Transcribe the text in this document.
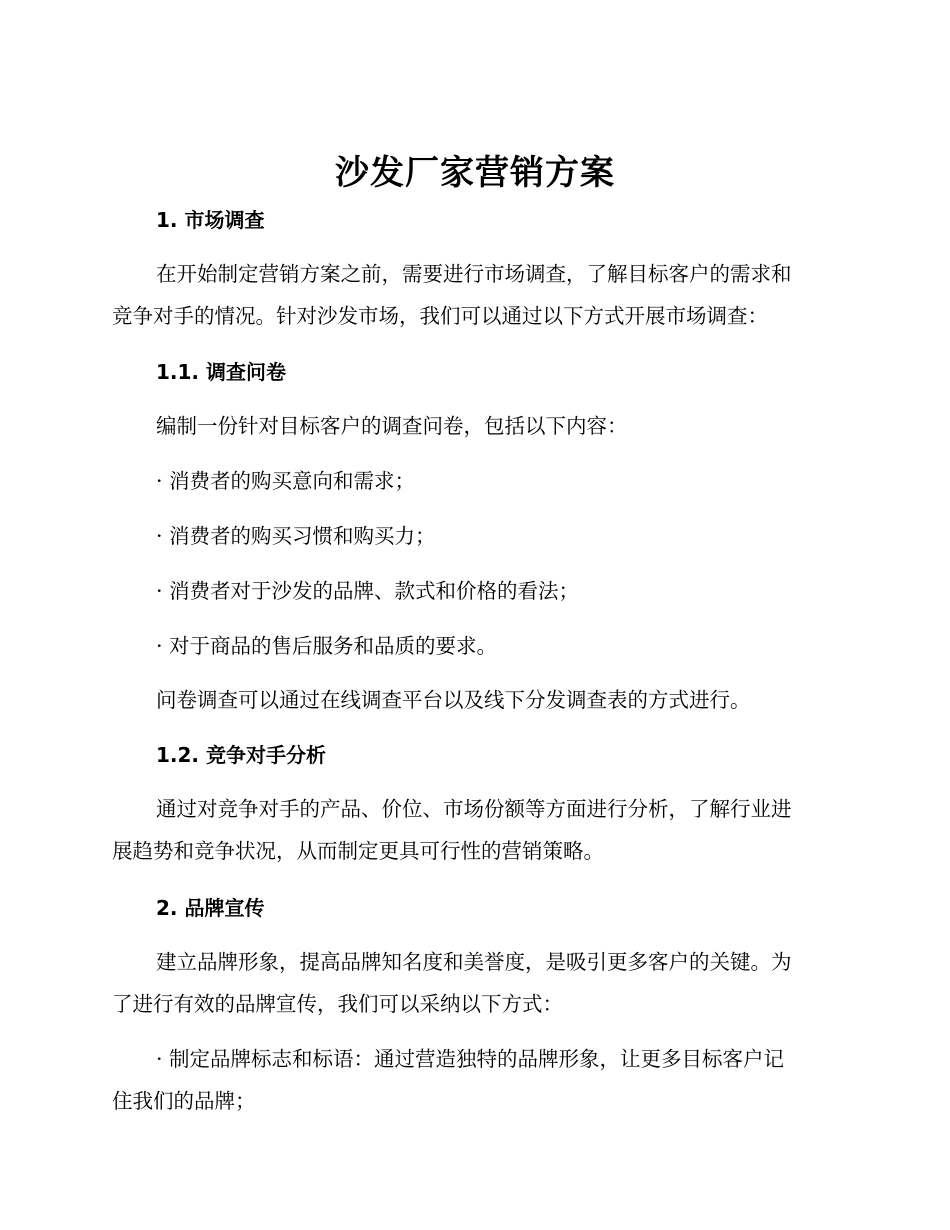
沙发厂家营销方案
1. 市场调查
在开始制定营销方案之前，需要进行市场调查，了解目标客户的需求和
竞争对手的情况。针对沙发市场，我们可以通过以下方式开展市场调查：
1.1. 调查问卷
编制一份针对目标客户的调查问卷，包括以下内容：
· 消费者的购买意向和需求；
· 消费者的购买习惯和购买力；
· 消费者对于沙发的品牌、款式和价格的看法；
· 对于商品的售后服务和品质的要求。
问卷调查可以通过在线调查平台以及线下分发调查表的方式进行。
1.2. 竞争对手分析
通过对竞争对手的产品、价位、市场份额等方面进行分析，了解行业进
展趋势和竞争状况，从而制定更具可行性的营销策略。
2. 品牌宣传
建立品牌形象，提高品牌知名度和美誉度，是吸引更多客户的关键。为
了进行有效的品牌宣传，我们可以采纳以下方式：
· 制定品牌标志和标语：通过营造独特的品牌形象，让更多目标客户记
住我们的品牌；
